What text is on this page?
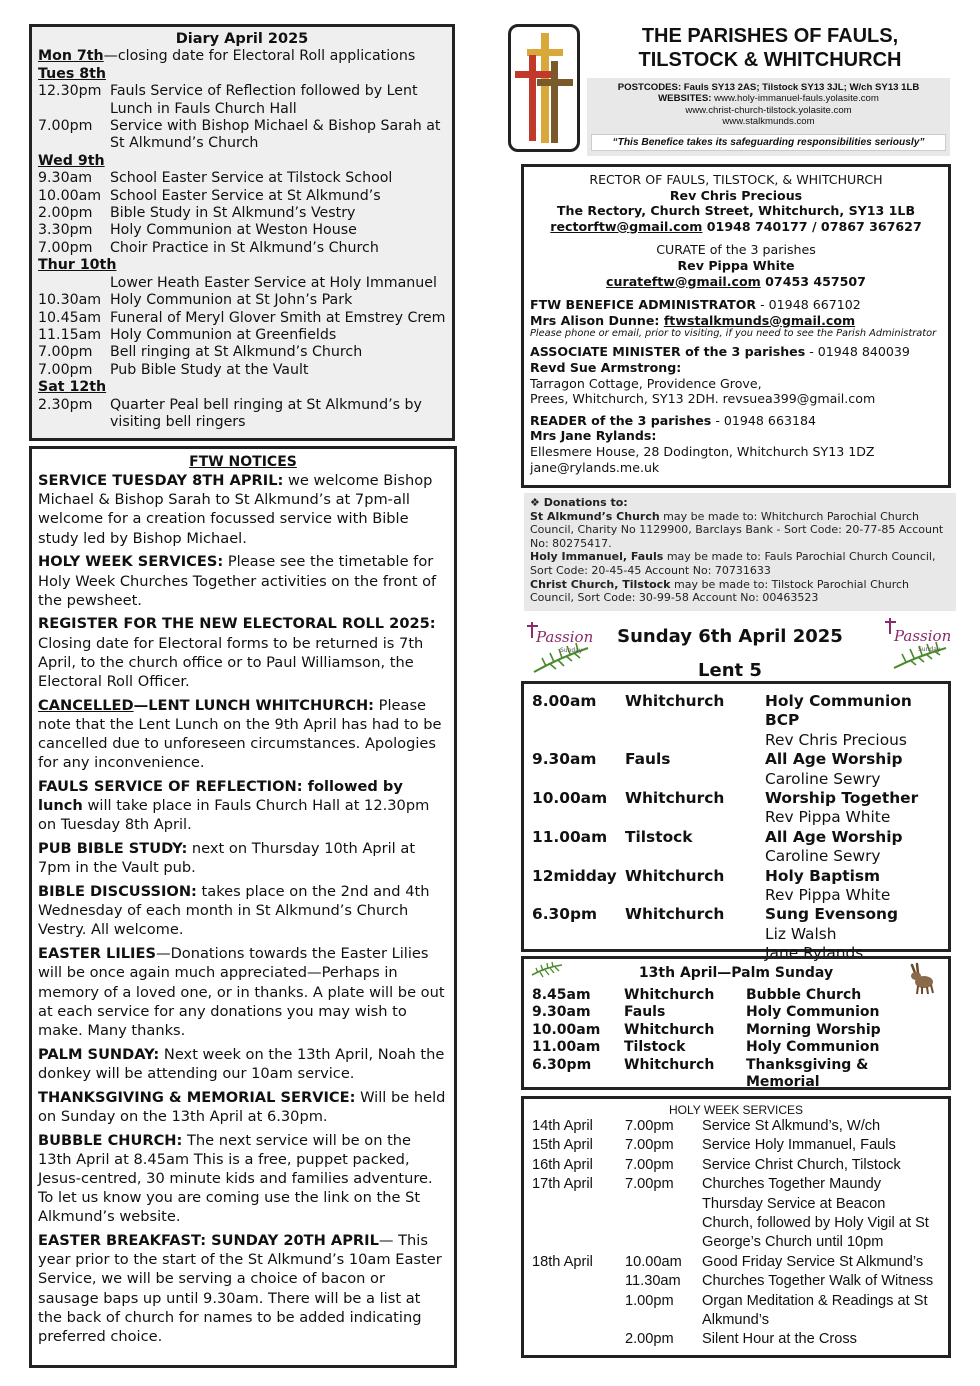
Diary April 2025
Mon 7th—closing date for Electoral Roll applications
Tues 8th
12.30pm Fauls Service of Reflection followed by Lent Lunch in Fauls Church Hall
7.00pm	Service with Bishop Michael & Bishop Sarah at St Alkmund’s Church
Wed 9th
9.30am	School Easter Service at Tilstock School
10.00am School Easter Service at St Alkmund’s
2.00pm	Bible Study in St Alkmund’s Vestry
3.30pm	Holy Communion at Weston House
7.00pm	Choir Practice in St Alkmund’s Church
Thur 10th
Lower Heath Easter Service at Holy Immanuel
10.30am Holy Communion at St John’s Park
10.45am Funeral of Meryl Glover Smith at Emstrey Crem
11.15am Holy Communion at Greenfields
7.00pm	Bell ringing at St Alkmund’s Church
7.00pm	Pub Bible Study at the Vault
Sat 12th
2.30pm	Quarter Peal bell ringing at St Alkmund’s by visiting bell ringers
FTW NOTICES

SERVICE TUESDAY 8TH APRIL: we welcome Bishop Michael & Bishop Sarah to St Alkmund’s at 7pm-all welcome for a creation focussed service with Bible study led by Bishop Michael.

HOLY WEEK SERVICES: Please see the timetable for Holy Week Churches Together activities on the front of the pewsheet.

REGISTER FOR THE NEW ELECTORAL ROLL 2025: Closing date for Electoral forms to be returned is 7th April, to the church office or to Paul Williamson, the Electoral Roll Officer.

CANCELLED—LENT LUNCH WHITCHURCH: Please note that the Lent Lunch on the 9th April has had to be cancelled due to unforeseen circumstances. Apologies for any inconvenience.

FAULS SERVICE OF REFLECTION: followed by lunch will take place in Fauls Church Hall at 12.30pm on Tuesday 8th April.

PUB BIBLE STUDY: next on Thursday 10th April at 7pm in the Vault pub.

BIBLE DISCUSSION: takes place on the 2nd and 4th Wednesday of each month in St Alkmund’s Church Vestry. All welcome.

EASTER LILIES—Donations towards the Easter Lilies will be once again much appreciated—Perhaps in memory of a loved one, or in thanks. A plate will be out at each service for any donations you may wish to make. Many thanks.

PALM SUNDAY: Next week on the 13th April, Noah the donkey will be attending our 10am service.

THANKSGIVING & MEMORIAL SERVICE: Will be held on Sunday on the 13th April at 6.30pm.

BUBBLE CHURCH: The next service will be on the 13th April at 8.45am This is a free, puppet packed, Jesus-centred, 30 minute kids and families adventure. To let us know you are coming use the link on the St Alkmund’s website.

EASTER BREAKFAST: SUNDAY 20TH APRIL— This year prior to the start of the St Alkmund’s 10am Easter Service, we will be serving a choice of bacon or sausage baps up until 9.30am. There will be a list at the back of church for names to be added indicating preferred choice.

THE PARISHES OF FAULS,
TILSTOCK & WHITCHURCH
POSTCODES: Fauls SY13 2AS; Tilstock SY13 3JL; W/ch SY13 1LB
WEBSITES: www.holy-immanuel-fauls.yolasite.com
www.christ-church-tilstock.yolasite.com
www.stalkmunds.com
“This Benefice takes its safeguarding responsibilities seriously”
RECTOR OF FAULS, TILSTOCK, & WHITCHURCH
Rev Chris Precious
The Rectory, Church Street, Whitchurch, SY13 1LB
rectorftw@gmail.com 01948 740177 / 07867 367627
CURATE of the 3 parishes
Rev Pippa White
curateftw@gmail.com 07453 457507
FTW BENEFICE ADMINISTRATOR - 01948 667102
Mrs Alison Dunne: ftwstalkmunds@gmail.com
Please phone or email, prior to visiting, if you need to see the Parish Administrator
ASSOCIATE MINISTER of the 3 parishes - 01948 840039
Revd Sue Armstrong:
Tarragon Cottage, Providence Grove,
Prees, Whitchurch, SY13 2DH. revsuea399@gmail.com
READER of the 3 parishes - 01948 663184
Mrs Jane Rylands:
Ellesmere House, 28 Dodington, Whitchurch SY13 1DZ
jane@rylands.me.uk
❖ Donations to:
St Alkmund’s Church may be made to: Whitchurch Parochial Church Council, Charity No 1129900, Barclays Bank - Sort Code: 20-77-85 Account No: 80275417.
Holy Immanuel, Fauls may be made to: Fauls Parochial Church Council, Sort Code: 20-45-45 Account No: 70731633
Christ Church, Tilstock may be made to: Tilstock Parochial Church Council, Sort Code: 30-99-58 Account No: 00463523
Passion
Sunday
Sunday 6th April 2025
Lent 5
Passion
Sunday
8.00am	Whitchurch	Holy Communion BCP
Rev Chris Precious
9.30am	Fauls	All Age Worship
Caroline Sewry
10.00am	Whitchurch	Worship Together
Rev Pippa White
11.00am	Tilstock	All Age Worship
Caroline Sewry
12midday Whitchurch	Holy Baptism
Rev Pippa White
6.30pm	Whitchurch	Sung Evensong
Liz Walsh
Jane Rylands
13th April—Palm Sunday
8.45am	Whitchurch	Bubble Church
9.30am	Fauls	Holy Communion
10.00am	Whitchurch	Morning Worship
11.00am	Tilstock	Holy Communion
6.30pm	Whitchurch	Thanksgiving & Memorial
HOLY WEEK SERVICES
14th April	7.00pm	Service St Alkmund’s, W/ch
15th April	7.00pm	Service Holy Immanuel, Fauls
16th April	7.00pm	Service Christ Church, Tilstock
17th April	7.00pm	Churches Together Maundy Thursday Service at Beacon Church, followed by Holy Vigil at St George’s Church until 10pm
18th April	10.00am	Good Friday Service St Alkmund’s
11.30am	Churches Together Walk of Witness
1.00pm	Organ Meditation & Readings at St Alkmund’s
2.00pm	Silent Hour at the Cross
